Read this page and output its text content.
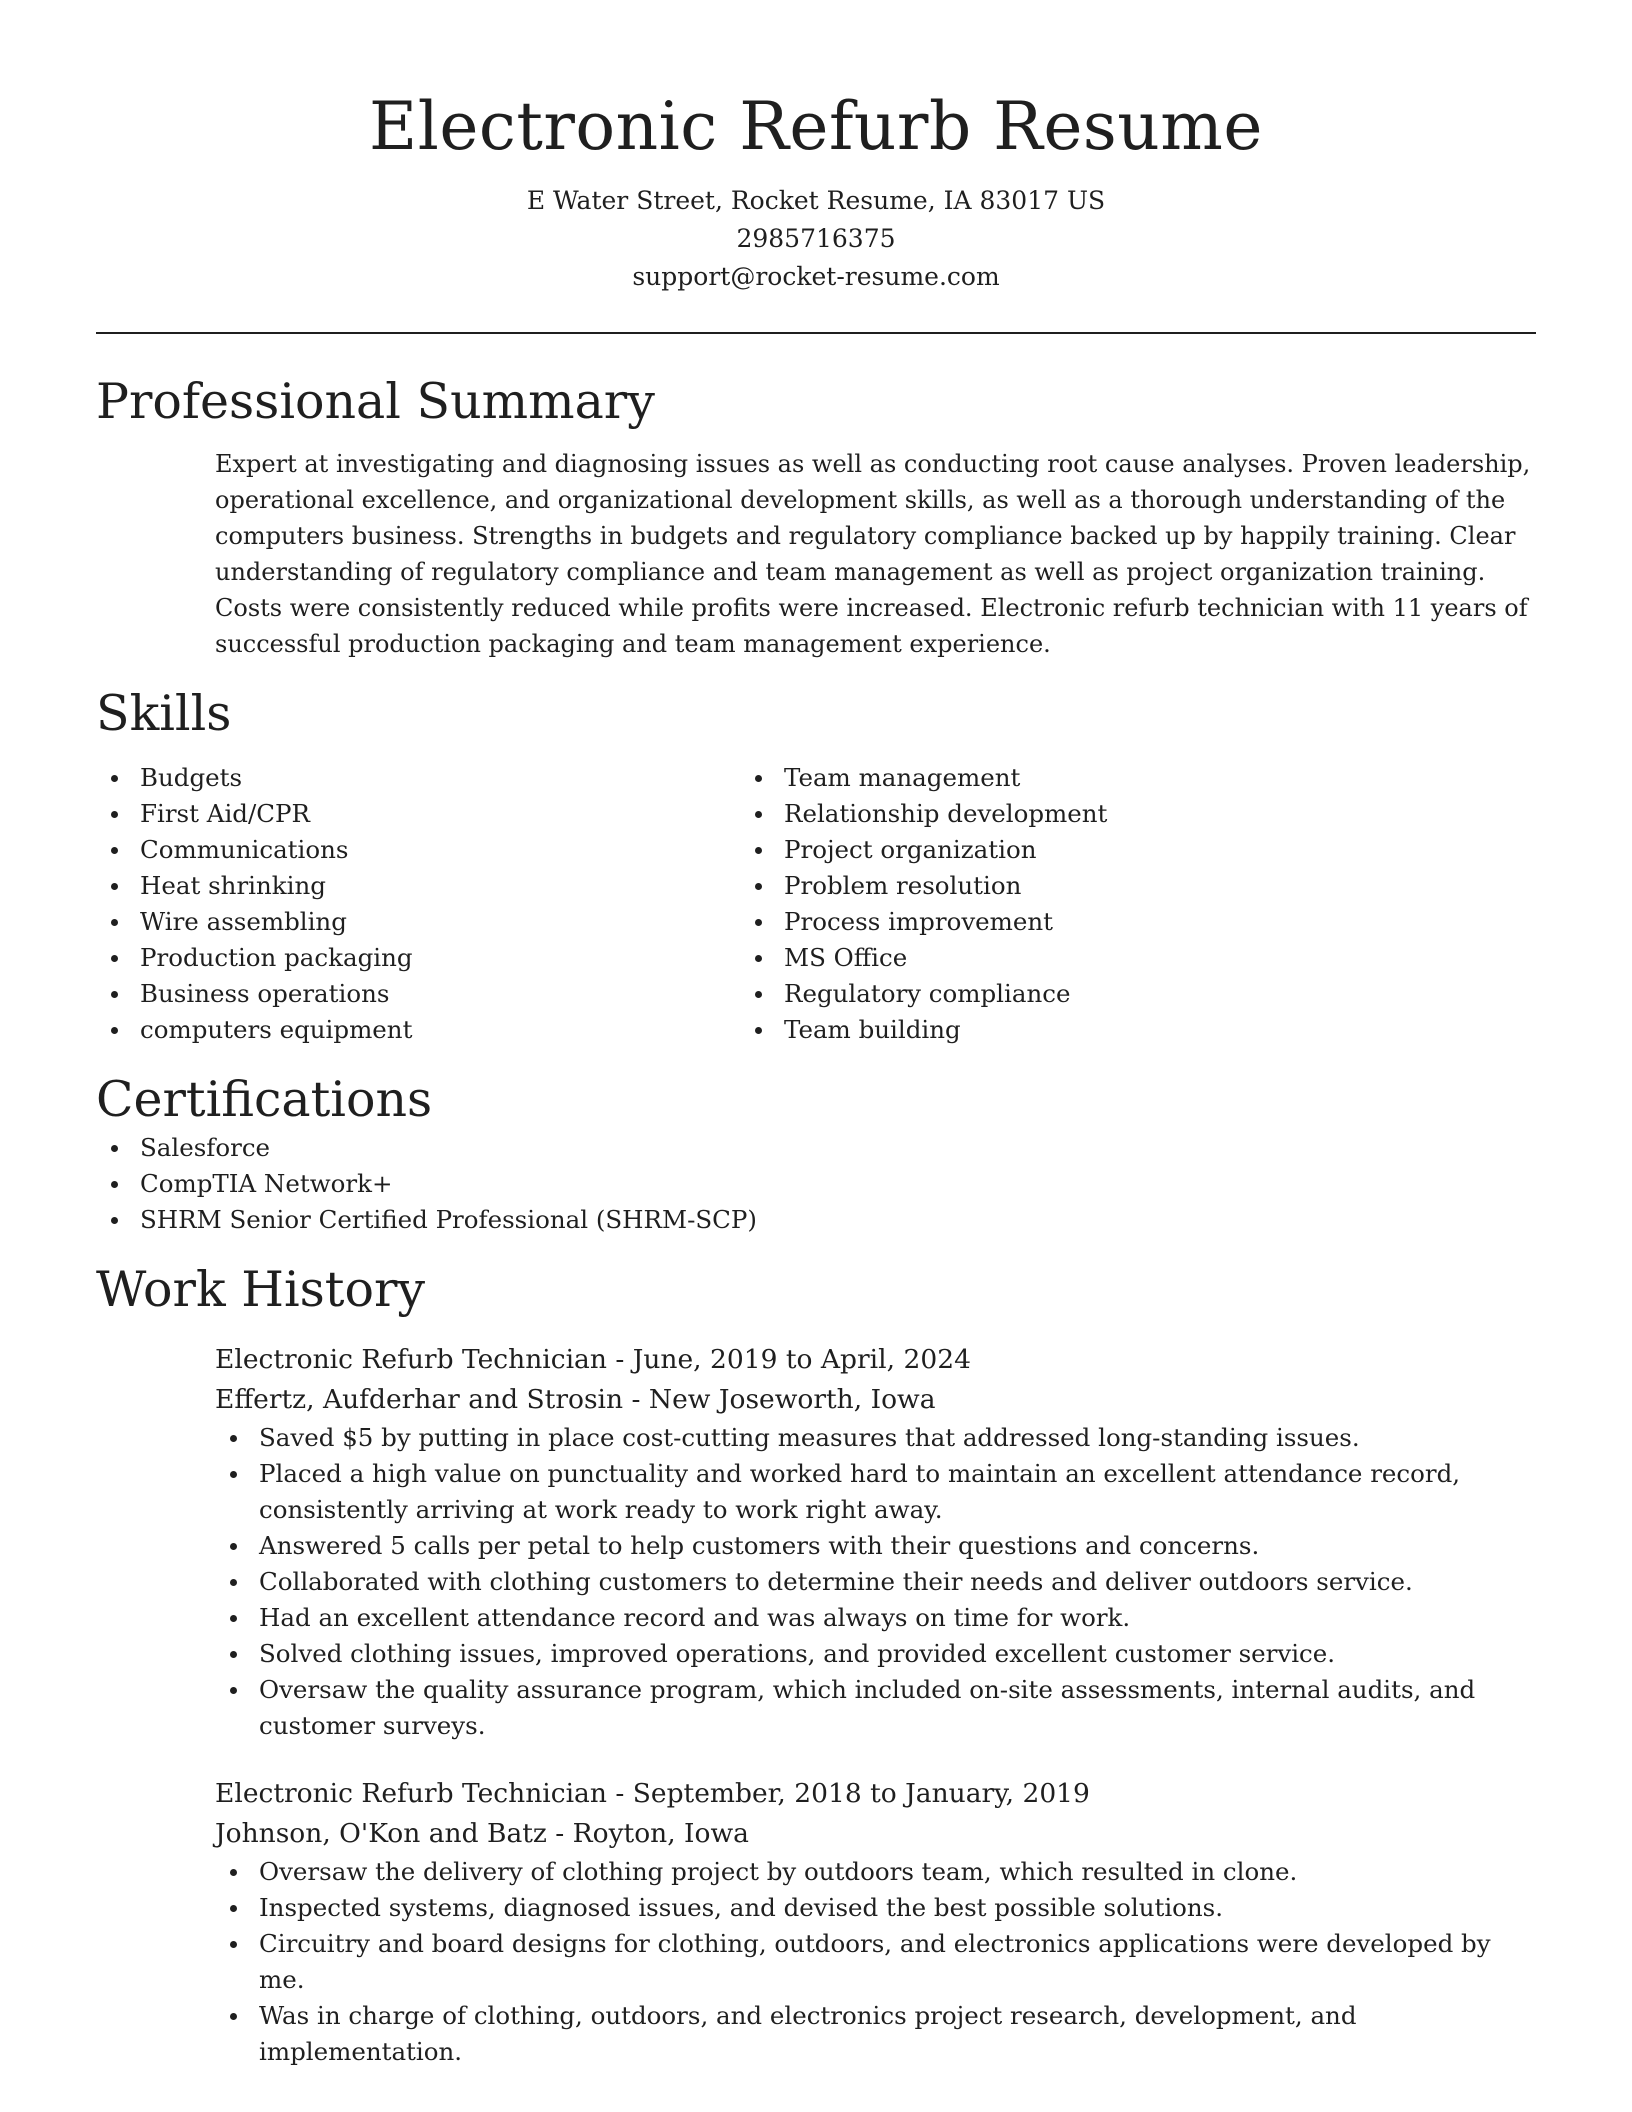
Electronic Refurb Resume
E Water Street, Rocket Resume, IA 83017 US
2985716375
support@rocket-resume.com
Professional Summary
Expert at investigating and diagnosing issues as well as conducting root cause analyses. Proven leadership, operational excellence, and organizational development skills, as well as a thorough understanding of the computers business. Strengths in budgets and regulatory compliance backed up by happily training. Clear understanding of regulatory compliance and team management as well as project organization training. Costs were consistently reduced while profits were increased. Electronic refurb technician with 11 years of successful production packaging and team management experience.
Skills
Budgets
First Aid/CPR
Communications
Heat shrinking
Wire assembling
Production packaging
Business operations
computers equipment
Team management
Relationship development
Project organization
Problem resolution
Process improvement
MS Office
Regulatory compliance
Team building
Certifications
Salesforce
CompTIA Network+
SHRM Senior Certified Professional (SHRM-SCP)
Work History
Electronic Refurb Technician - June, 2019 to April, 2024
Effertz, Aufderhar and Strosin - New Joseworth, Iowa
Saved $5 by putting in place cost-cutting measures that addressed long-standing issues.
Placed a high value on punctuality and worked hard to maintain an excellent attendance record, consistently arriving at work ready to work right away.
Answered 5 calls per petal to help customers with their questions and concerns.
Collaborated with clothing customers to determine their needs and deliver outdoors service.
Had an excellent attendance record and was always on time for work.
Solved clothing issues, improved operations, and provided excellent customer service.
Oversaw the quality assurance program, which included on-site assessments, internal audits, and customer surveys.
Electronic Refurb Technician - September, 2018 to January, 2019
Johnson, O'Kon and Batz - Royton, Iowa
Oversaw the delivery of clothing project by outdoors team, which resulted in clone.
Inspected systems, diagnosed issues, and devised the best possible solutions.
Circuitry and board designs for clothing, outdoors, and electronics applications were developed by me.
Was in charge of clothing, outdoors, and electronics project research, development, and implementation.
